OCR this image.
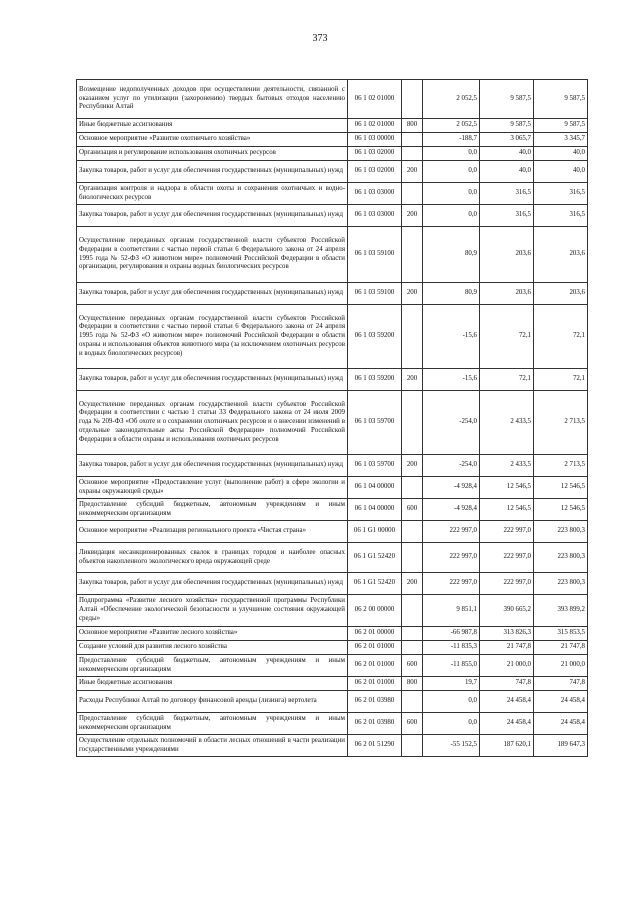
373
Возмещение недополученных доходов при осуществлении деятельности, связанной с оказанием услуг по утилизации (захоронению) твердых бытовых отходов населению Республики Алтай	06 1 02 01000		2 052,5	9 587,5	9 587,5
Иные бюджетные ассигнования	06 1 02 01000	800	2 052,5	9 587,5	9 587,5
Основное мероприятие «Развитие охотничьего хозяйства»	06 1 03 00000		-188,7	3 065,7	3 345,7
Организация и регулирование использования охотничьих ресурсов	06 1 03 02000		0,0	40,0	40,0
Закупка товаров, работ и услуг для обеспечения государственных (муниципальных) нужд	06 1 03 02000	200	0,0	40,0	40,0
Организация контроля и надзора в области охоты и сохранения охотничьих и водно-биологических ресурсов	06 1 03 03000		0,0	316,5	316,5
Закупка товаров, работ и услуг для обеспечения государственных (муниципальных) нужд	06 1 03 03000	200	0,0	316,5	316,5
Осуществление переданных органам государственной власти субъектов Российской Федерации в соответствии с частью первой статьи 6 Федерального закона от 24 апреля 1995 года № 52-ФЗ «О животном мире» полномочий Российской Федерации в области организации, регулирования и охраны водных биологических ресурсов	06 1 03 59100		80,9	203,6	203,6
Закупка товаров, работ и услуг для обеспечения государственных (муниципальных) нужд	06 1 03 59100	200	80,9	203,6	203,6
Осуществление переданных органам государственной власти субъектов Российской Федерации в соответствии с частью первой статьи 6 Федерального закона от 24 апреля 1995 года № 52-ФЗ «О животном мире» полномочий Российской Федерации в области охраны и использования объектов животного мира (за исключением охотничьих ресурсов и водных биологических ресурсов)	06 1 03 59200		-15,6	72,1	72,1
Закупка товаров, работ и услуг для обеспечения государственных (муниципальных) нужд	06 1 03 59200	200	-15,6	72,1	72,1
Осуществление переданных органам государственной власти субъектов Российской Федерации в соответствии с частью 1 статьи 33 Федерального закона от 24 июля 2009 года № 209-ФЗ «Об охоте и о сохранении охотничьих ресурсов и о внесении изменений в отдельные законодательные акты Российской Федерации» полномочий Российской Федерации в области охраны и использования охотничьих ресурсов	06 1 03 59700		-254,0	2 433,5	2 713,5
Закупка товаров, работ и услуг для обеспечения государственных (муниципальных) нужд	06 1 03 59700	200	-254,0	2 433,5	2 713,5
Основное мероприятие «Предоставление услуг (выполнение работ) в сфере экологии и охраны окружающей среды»	06 1 04 00000		-4 928,4	12 546,5	12 546,5
Предоставление субсидий бюджетным, автономным учреждениям и иным некоммерческим организациям	06 1 04 00000	600	-4 928,4	12 546,5	12 546,5
Основное мероприятие «Реализация регионального проекта «Чистая страна»	06 1 G1 00000		222 997,0	222 997,0	223 800,3
Ликвидация несанкционированных свалок в границах городов и наиболее опасных объектов накопленного экологического вреда окружающей среде	06 1 G1 52420		222 997,0	222 997,0	223 800,3
Закупка товаров, работ и услуг для обеспечения государственных (муниципальных) нужд	06 1 G1 52420	200	222 997,0	222 997,0	223 800,3
Подпрограмма «Развитие лесного хозяйства» государственной программы Республики Алтай «Обеспечение экологической безопасности и улучшение состояния окружающей среды»	06 2 00 00000		9 851,1	390 665,2	393 899,2
Основное мероприятие «Развитие лесного хозяйства»	06 2 01 00000		-66 987,8	313 826,3	315 853,5
Создание условий для развития лесного хозяйства	06 2 01 01000		-11 835,3	21 747,8	21 747,8
Предоставление субсидий бюджетным, автономным учреждениям и иным некоммерческим организациям	06 2 01 01000	600	-11 855,0	21 000,0	21 000,0
Иные бюджетные ассигнования	06 2 01 01000	800	19,7	747,8	747,8
Расходы Республики Алтай по договору финансовой аренды (лизинга) вертолета	06 2 01 03980		0,0	24 458,4	24 458,4
Предоставление субсидий бюджетным, автономным учреждениям и иным некоммерческим организациям	06 2 01 03980	600	0,0	24 458,4	24 458,4
Осуществление отдельных полномочий в области лесных отношений в части реализации государственными учреждениями	06 2 01 51290		-55 152,5	187 620,1	189 647,3
